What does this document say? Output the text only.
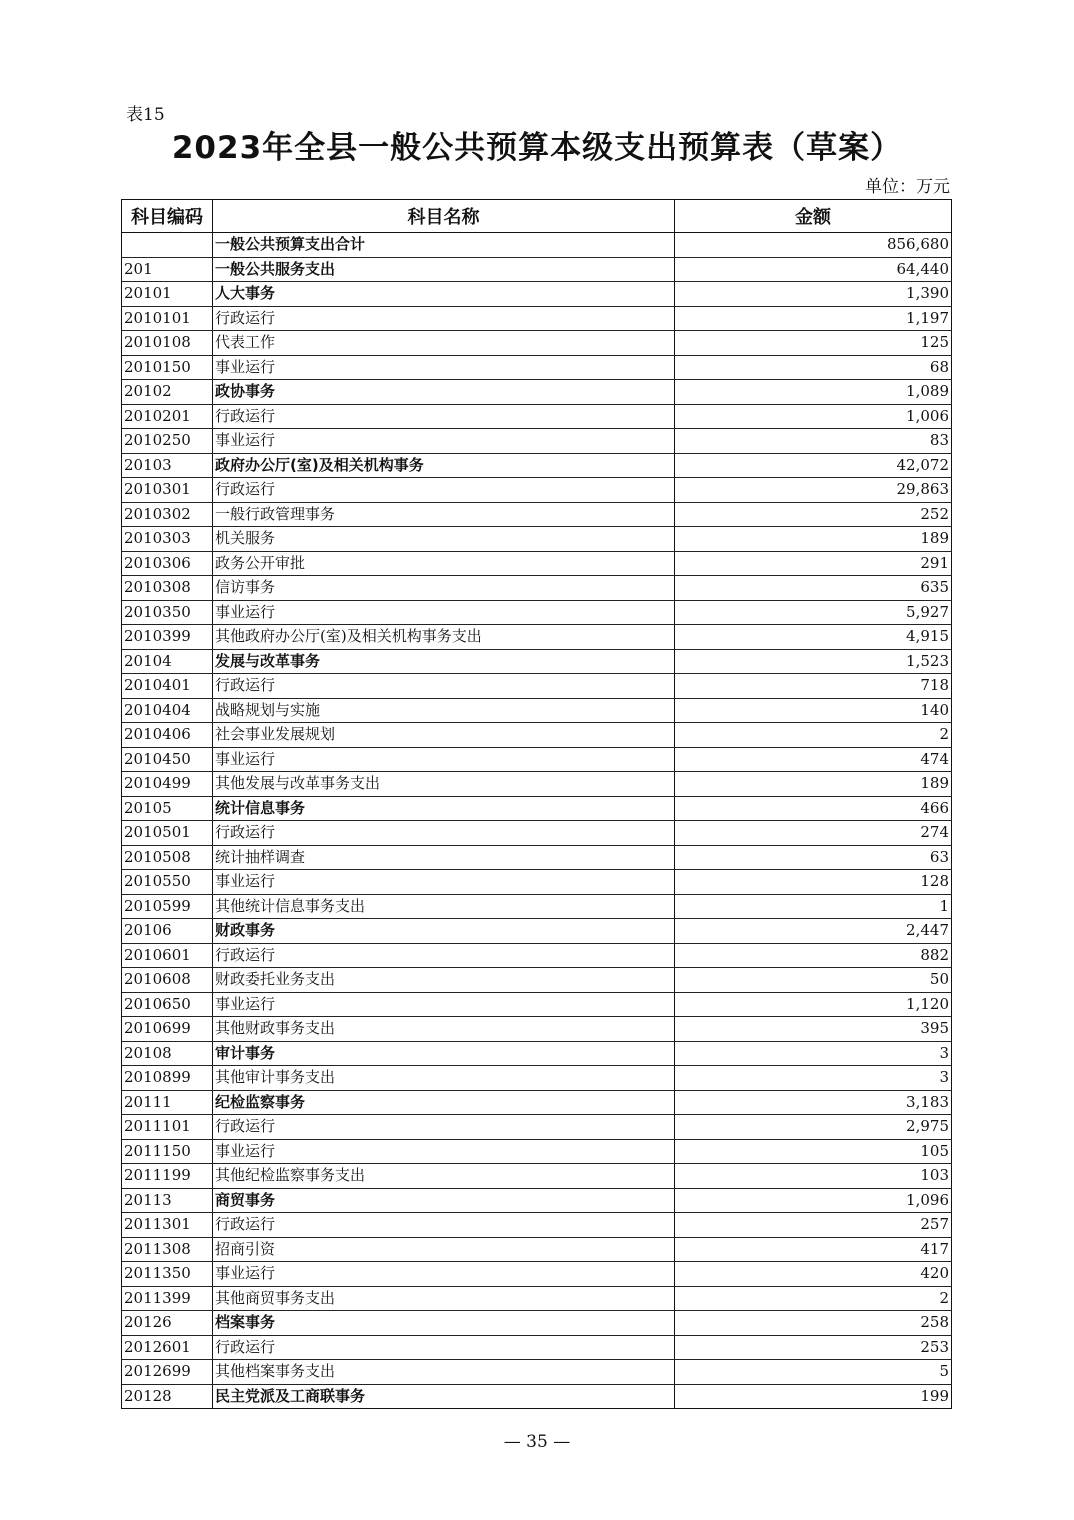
表15
2023年全县一般公共预算本级支出预算表（草案）
单位：万元
科目编码	科目名称	金额
	一般公共预算支出合计	856,680
201	一般公共服务支出	64,440
20101	人大事务	1,390
2010101	行政运行	1,197
2010108	代表工作	125
2010150	事业运行	68
20102	政协事务	1,089
2010201	行政运行	1,006
2010250	事业运行	83
20103	政府办公厅(室)及相关机构事务	42,072
2010301	行政运行	29,863
2010302	一般行政管理事务	252
2010303	机关服务	189
2010306	政务公开审批	291
2010308	信访事务	635
2010350	事业运行	5,927
2010399	其他政府办公厅(室)及相关机构事务支出	4,915
20104	发展与改革事务	1,523
2010401	行政运行	718
2010404	战略规划与实施	140
2010406	社会事业发展规划	2
2010450	事业运行	474
2010499	其他发展与改革事务支出	189
20105	统计信息事务	466
2010501	行政运行	274
2010508	统计抽样调查	63
2010550	事业运行	128
2010599	其他统计信息事务支出	1
20106	财政事务	2,447
2010601	行政运行	882
2010608	财政委托业务支出	50
2010650	事业运行	1,120
2010699	其他财政事务支出	395
20108	审计事务	3
2010899	其他审计事务支出	3
20111	纪检监察事务	3,183
2011101	行政运行	2,975
2011150	事业运行	105
2011199	其他纪检监察事务支出	103
20113	商贸事务	1,096
2011301	行政运行	257
2011308	招商引资	417
2011350	事业运行	420
2011399	其他商贸事务支出	2
20126	档案事务	258
2012601	行政运行	253
2012699	其他档案事务支出	5
20128	民主党派及工商联事务	199
— 35 —
